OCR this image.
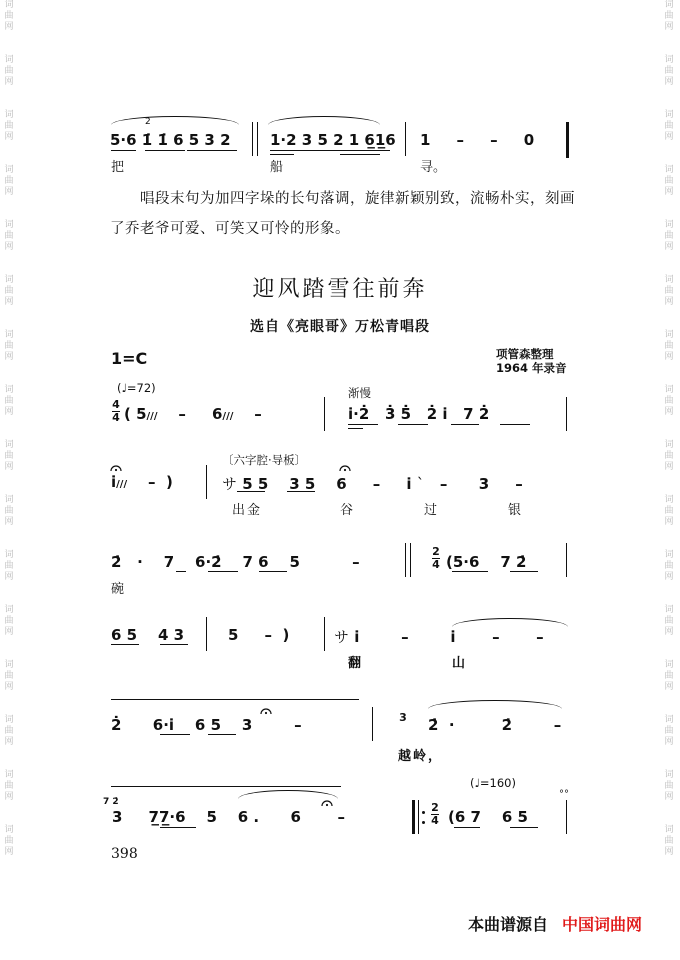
词
曲
网
词
曲
网
词
曲
网
词
曲
网
词
曲
网
词
曲
网
词
曲
网
词
曲
网
词
曲
网
词
曲
网
词
曲
网
词
曲
网
词
曲
网
词
曲
网
词
曲
网
词
曲
网
词
曲
网
词
曲
网
词
曲
网
词
曲
网
词
曲
网
词
曲
网
词
曲
网
词
曲
网
词
曲
网
词
曲
网
词
曲
网
词
曲
网
词
曲
网
词
曲
网
词
曲
网
词
曲
网
2̇
5·6 1̇ 1̇ 6 5 3 2	1·2 3 5 2 1 6̲1̲6 1     –     –     0
把	船	寻。
唱段末句为加四字垛的长句落调，旋律新颖别致，流畅朴实，刻画了乔老爷可爱、可笑又可怜的形象。
迎风踏雪往前奔
选自《亮眼哥》万松青唱段
1=C	项管森整理
1964 年录音
(♩=72)	渐慢
4
4 ( 5///    –     6///    –	i̇·2̇   3̇ 5̇   2̇ i̇   7 2̇
i̇///    –  )
〔六字腔·导板〕
サ 5 5    3 5    6     –     i̇ ˋ   –      3     –
出金	谷	过	银
2̇   ·    7    6·2̇    7 6    5          –
2
4 (5·6    7 2̇
碗
6 5    4 3	5     –  )	サ i̇        –        i̇       –       –
翻	山
2̇      6·i̇    6 5    3        –	3 2̇  ·         2̇        –
越岭，
7 2̇
3     7̲7̲·6    5    6 .      6       –
(♩=160)
2
4 (6 7    6 5
°°
398
本曲谱源自 中国词曲网
